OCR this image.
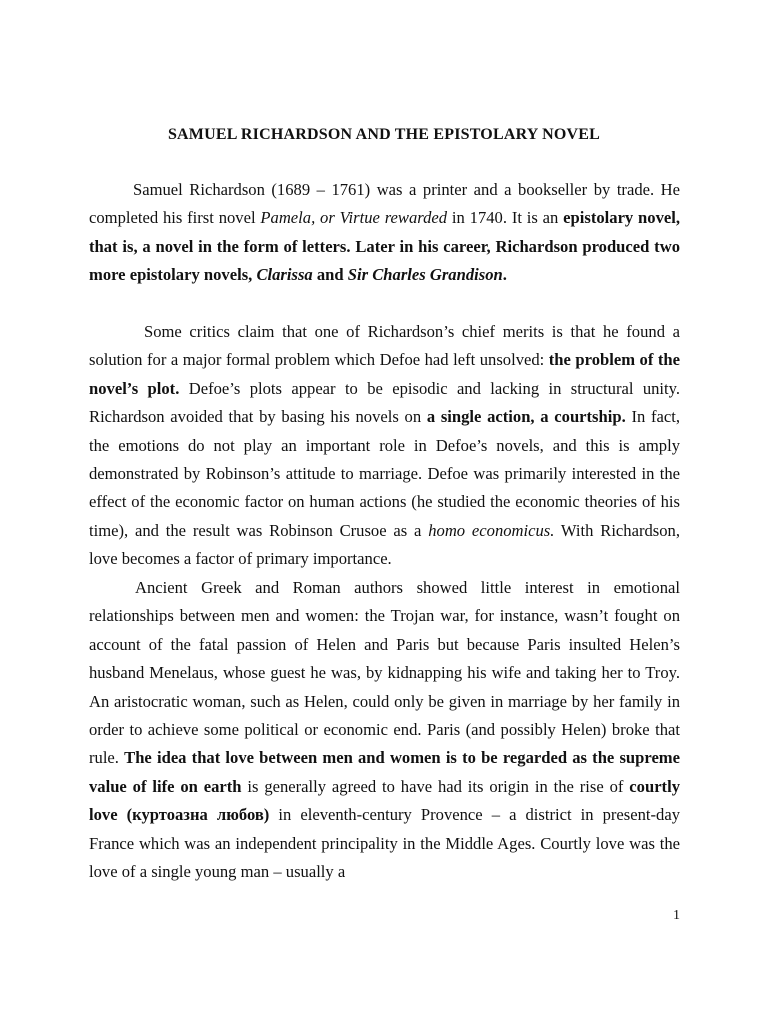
SAMUEL RICHARDSON AND THE EPISTOLARY NOVEL

Samuel Richardson (1689 – 1761) was a printer and a bookseller by trade. He completed his first novel Pamela, or Virtue rewarded in 1740. It is an epistolary novel, that is, a novel in the form of letters. Later in his career, Richardson produced two more epistolary novels, Clarissa and Sir Charles Grandison.

Some critics claim that one of Richardson’s chief merits is that he found a solution for a major formal problem which Defoe had left unsolved: the problem of the novel’s plot. Defoe’s plots appear to be episodic and lacking in structural unity. Richardson avoided that by basing his novels on a single action, a courtship. In fact, the emotions do not play an important role in Defoe’s novels, and this is amply demonstrated by Robinson’s attitude to marriage. Defoe was primarily interested in the effect of the economic factor on human actions (he studied the economic theories of his time), and the result was Robinson Crusoe as a homo economicus. With Richardson, love becomes a factor of primary importance.

Ancient Greek and Roman authors showed little interest in emotional relationships between men and women: the Trojan war, for instance, wasn’t fought on account of the fatal passion of Helen and Paris but because Paris insulted Helen’s husband Menelaus, whose guest he was, by kidnapping his wife and taking her to Troy. An aristocratic woman, such as Helen, could only be given in marriage by her family in order to achieve some political or economic end. Paris (and possibly Helen) broke that rule. The idea that love between men and women is to be regarded as the supreme value of life on earth is generally agreed to have had its origin in the rise of courtly love (куртоазна любов) in eleventh-century Provence – a district in present-day France which was an independent principality in the Middle Ages. Courtly love was the love of a single young man – usually a

1
